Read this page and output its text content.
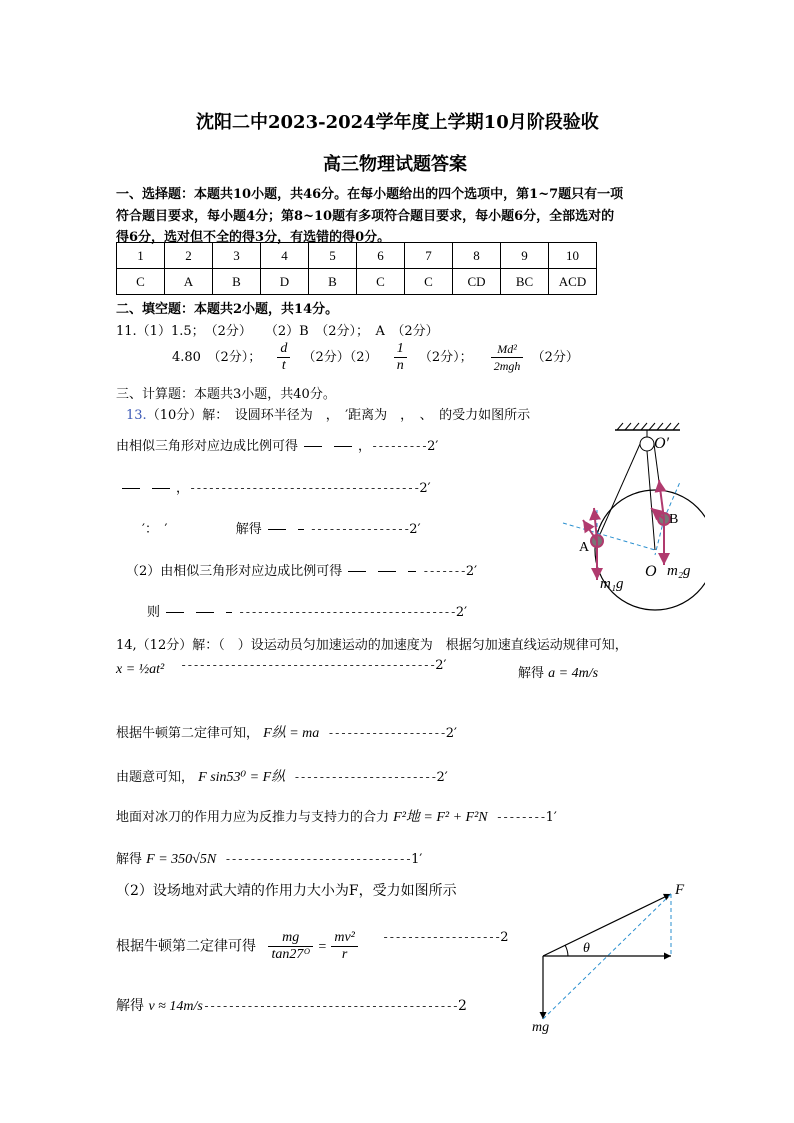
沈阳二中2023-2024学年度上学期10月阶段验收
高三物理试题答案
一、选择题：本题共10小题，共46分。在每小题给出的四个选项中，第1~7题只有一项
符合题目要求，每小题4分；第8~10题有多项符合题目要求，每小题6分，全部选对的
得6分，选对但不全的得3分，有选错的得0分。
1	2	3	4	5	6	7	8	9	10
C	A	B	D	B	C	C	CD	BC	ACD
二、填空题：本题共2小题，共14分。
11.（1）1.5；　（2分）　　（2）B　（2分）；　A　（2分）
4.80　（2分）； $\frac{d}{t} (2$分）$(2) \frac{1}{n} (2$分）； $\frac{\text{Md²}}{\text{2mgh}} (2$分）
三、计算题：本题共3小题，共40分。
13.（10分）解：　设圆环半径为　，　′距离为　，　、　的受力如图所示
由相似三角形对应边成比例可得	，---------2′
，-------------------------------------2′
′：　′	解得	----------------2′
（2）由相似三角形对应边成比例可得	-------2′
则	-----------------------------------2′
14,（12分）解：（　）设运动员匀加速运动的加速度为　根据匀加速直线运动规律可知，
x = ½at² -----------------------------------------2′
解得 a = 4m/s
根据牛顿第二定律可知， F纵 = ma -------------------2′
由题意可知， F sin53⁰ = F纵 -----------------------2′
地面对冰刀的作用力应为反推力与支持力的合力 F²地 = F² + F²N --------1′
解得 F = 350√5N ------------------------------1′
（2）设场地对武大靖的作用力大小为F，受力如图所示
根据牛顿第二定律可得 $\frac{mg}{\text{tan27ᴼ}} = \frac{\text{mv²}}{r} -------------------2$
解得 v ≈ 14m/s-----------------------------------------2
O′
A
B
O
m₁g
m₂g
F
θ
mg
